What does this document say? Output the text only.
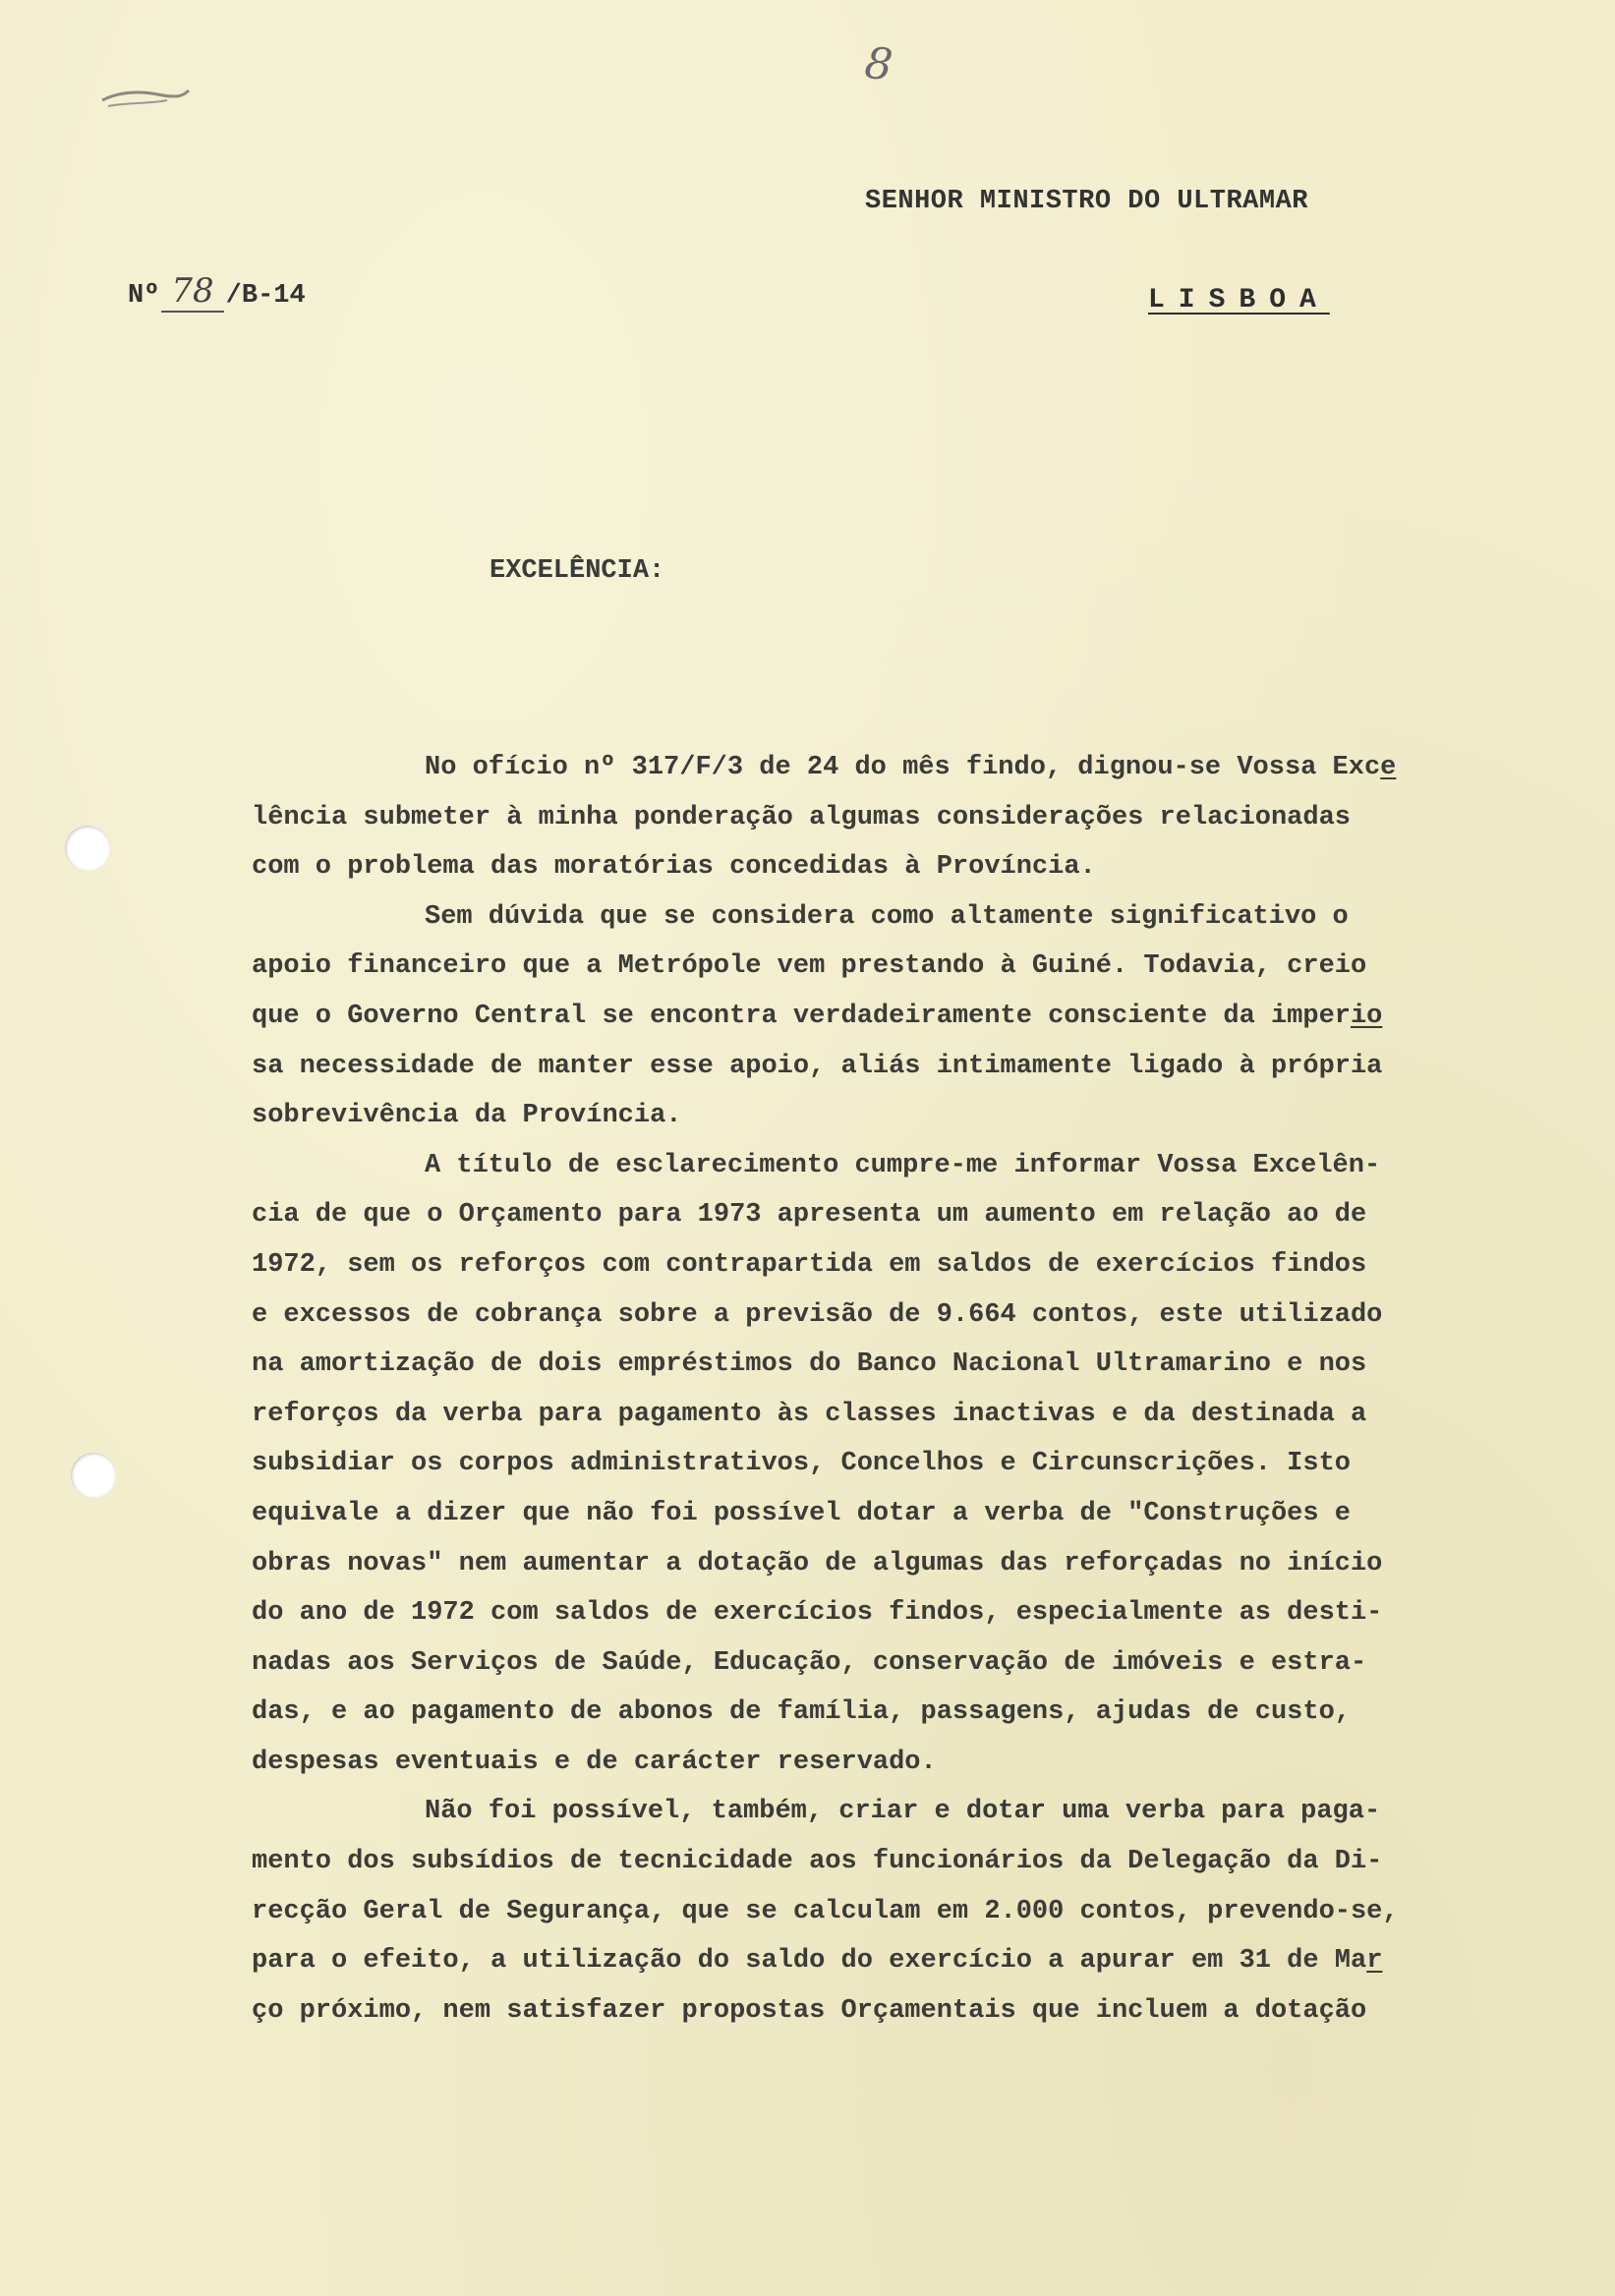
8
SENHOR MINISTRO DO ULTRAMAR
Nº 78 /B-14	LISBOA
EXCELÊNCIA:
No ofício nº 317/F/3 de 24 do mês findo, dignou-se Vossa Exce
lência submeter à minha ponderação algumas considerações relacionadas
com o problema das moratórias concedidas à Província.
Sem dúvida que se considera como altamente significativo o
apoio financeiro que a Metrópole vem prestando à Guiné. Todavia, creio
que o Governo Central se encontra verdadeiramente consciente da imperio
sa necessidade de manter esse apoio, aliás intimamente ligado à própria
sobrevivência da Província.
A título de esclarecimento cumpre-me informar Vossa Excelên-
cia de que o Orçamento para 1973 apresenta um aumento em relação ao de
1972, sem os reforços com contrapartida em saldos de exercícios findos
e excessos de cobrança sobre a previsão de 9.664 contos, este utilizado
na amortização de dois empréstimos do Banco Nacional Ultramarino e nos
reforços da verba para pagamento às classes inactivas e da destinada a
subsidiar os corpos administrativos, Concelhos e Circunscrições. Isto
equivale a dizer que não foi possível dotar a verba de "Construções e
obras novas" nem aumentar a dotação de algumas das reforçadas no início
do ano de 1972 com saldos de exercícios findos, especialmente as desti-
nadas aos Serviços de Saúde, Educação, conservação de imóveis e estra-
das, e ao pagamento de abonos de família, passagens, ajudas de custo,
despesas eventuais e de carácter reservado.
Não foi possível, também, criar e dotar uma verba para paga-
mento dos subsídios de tecnicidade aos funcionários da Delegação da Di-
recção Geral de Segurança, que se calculam em 2.000 contos, prevendo-se,
para o efeito, a utilização do saldo do exercício a apurar em 31 de Mar
ço próximo, nem satisfazer propostas Orçamentais que incluem a dotação
